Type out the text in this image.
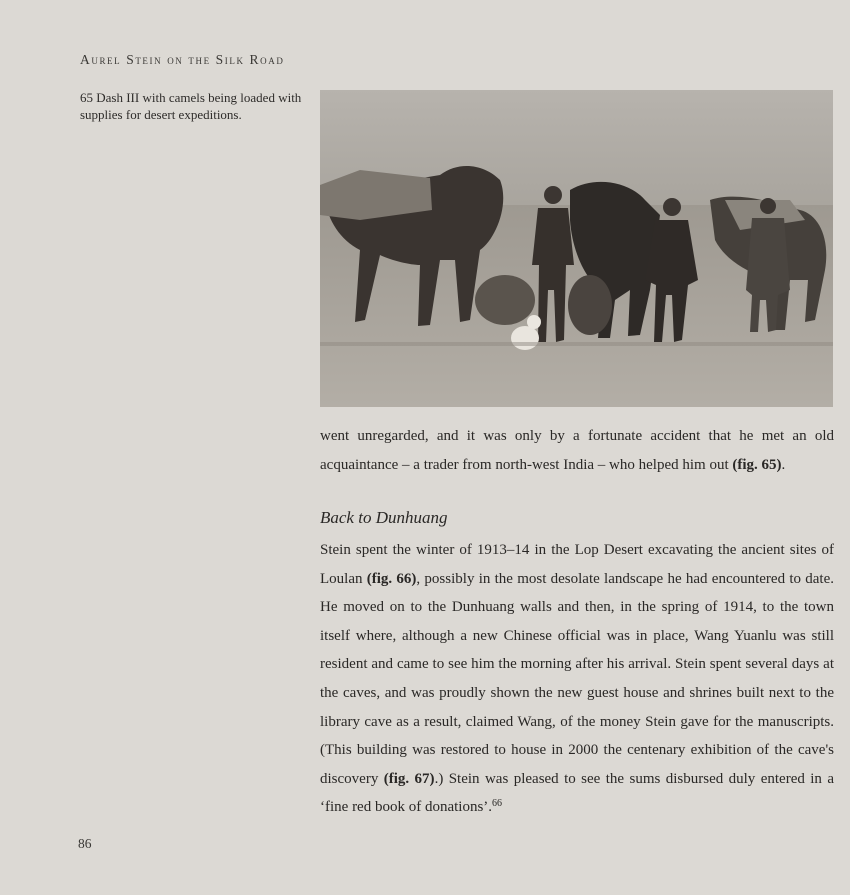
Aurel Stein on the Silk Road
65 Dash III with camels being loaded with supplies for desert expeditions.
went unregarded, and it was only by a fortunate accident that he met an old acquaintance – a trader from north-west India – who helped him out (fig. 65).
Back to Dunhuang
Stein spent the winter of 1913–14 in the Lop Desert excavating the ancient sites of Loulan (fig. 66), possibly in the most desolate landscape he had encountered to date. He moved on to the Dunhuang walls and then, in the spring of 1914, to the town itself where, although a new Chinese official was in place, Wang Yuanlu was still resident and came to see him the morning after his arrival. Stein spent several days at the caves, and was proudly shown the new guest house and shrines built next to the library cave as a result, claimed Wang, of the money Stein gave for the manuscripts. (This building was restored to house in 2000 the centenary exhibition of the cave's discovery (fig. 67).) Stein was pleased to see the sums disbursed duly entered in a ‘fine red book of donations’.$^{66}$
86
